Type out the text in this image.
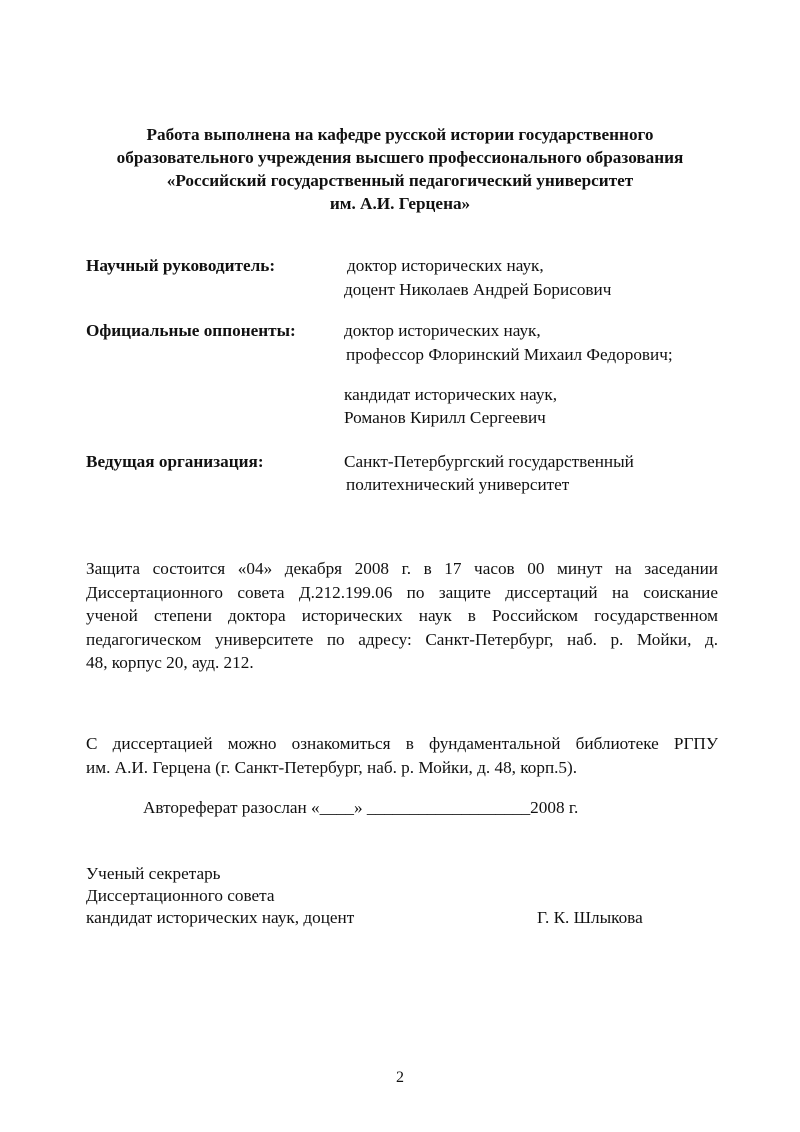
Работа выполнена на кафедре русской истории государственного
образовательного учреждения высшего профессионального образования
«Российский государственный педагогический университет
им. А.И. Герцена»
Научный руководитель:	доктор исторических наук,
доцент Николаев Андрей Борисович
Официальные оппоненты:	доктор исторических наук,
профессор Флоринский Михаил Федорович;
кандидат исторических наук,
Романов Кирилл Сергеевич
Ведущая организация:	Санкт-Петербургский государственный
политехнический университет
Защита состоится «04» декабря 2008 г. в 17 часов 00 минут на заседании
Диссертационного совета Д.212.199.06 по защите диссертаций на соискание
ученой степени доктора исторических наук в Российском государственном
педагогическом университете по адресу: Санкт-Петербург, наб. р. Мойки, д.
48, корпус 20, ауд. 212.
С диссертацией можно ознакомиться в фундаментальной библиотеке РГПУ
им. А.И. Герцена (г. Санкт-Петербург, наб. р. Мойки, д. 48, корп.5).
Автореферат разослан «____» ___________________2008 г.
Ученый секретарь
Диссертационного совета
кандидат исторических наук, доцент	Г. К. Шлыкова
2
